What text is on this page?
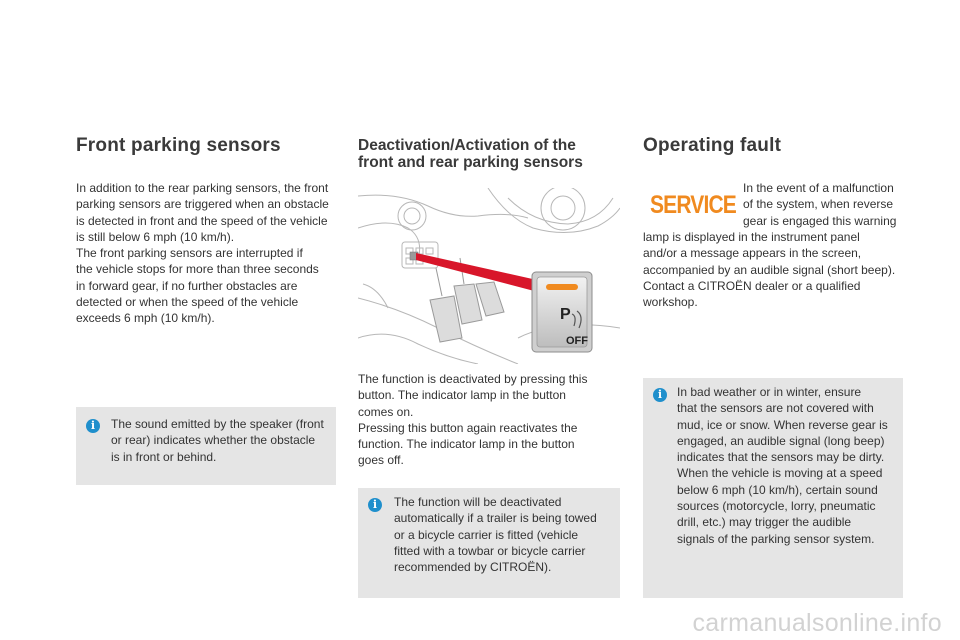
Front parking sensors

In addition to the rear parking sensors, the front
parking sensors are triggered when an obstacle
is detected in front and the speed of the vehicle
is still below 6 mph (10 km/h).
The front parking sensors are interrupted if
the vehicle stops for more than three seconds
in forward gear, if no further obstacles are
detected or when the speed of the vehicle
exceeds 6 mph (10 km/h).

i	The sound emitted by the speaker (front
or rear) indicates whether the obstacle
is in front or behind.

Deactivation/Activation of the
front and rear parking sensors
P
OFF

The function is deactivated by pressing this
button. The indicator lamp in the button
comes on.
Pressing this button again reactivates the
function. The indicator lamp in the button
goes off.

i	The function will be deactivated
automatically if a trailer is being towed
or a bicycle carrier is fitted (vehicle
fitted with a towbar or bicycle carrier
recommended by CITROËN).

Operating fault
SERVICE

In the event of a malfunction
of the system, when reverse
gear is engaged this warning

lamp is displayed in the instrument panel
and/or a message appears in the screen,
accompanied by an audible signal (short beep).
Contact a CITROËN dealer or a qualified
workshop.

i	In bad weather or in winter, ensure
that the sensors are not covered with
mud, ice or snow. When reverse gear is
engaged, an audible signal (long beep)
indicates that the sensors may be dirty.
When the vehicle is moving at a speed
below 6 mph (10 km/h), certain sound
sources (motorcycle, lorry, pneumatic
drill, etc.) may trigger the audible
signals of the parking sensor system.

carmanualsonline.info
